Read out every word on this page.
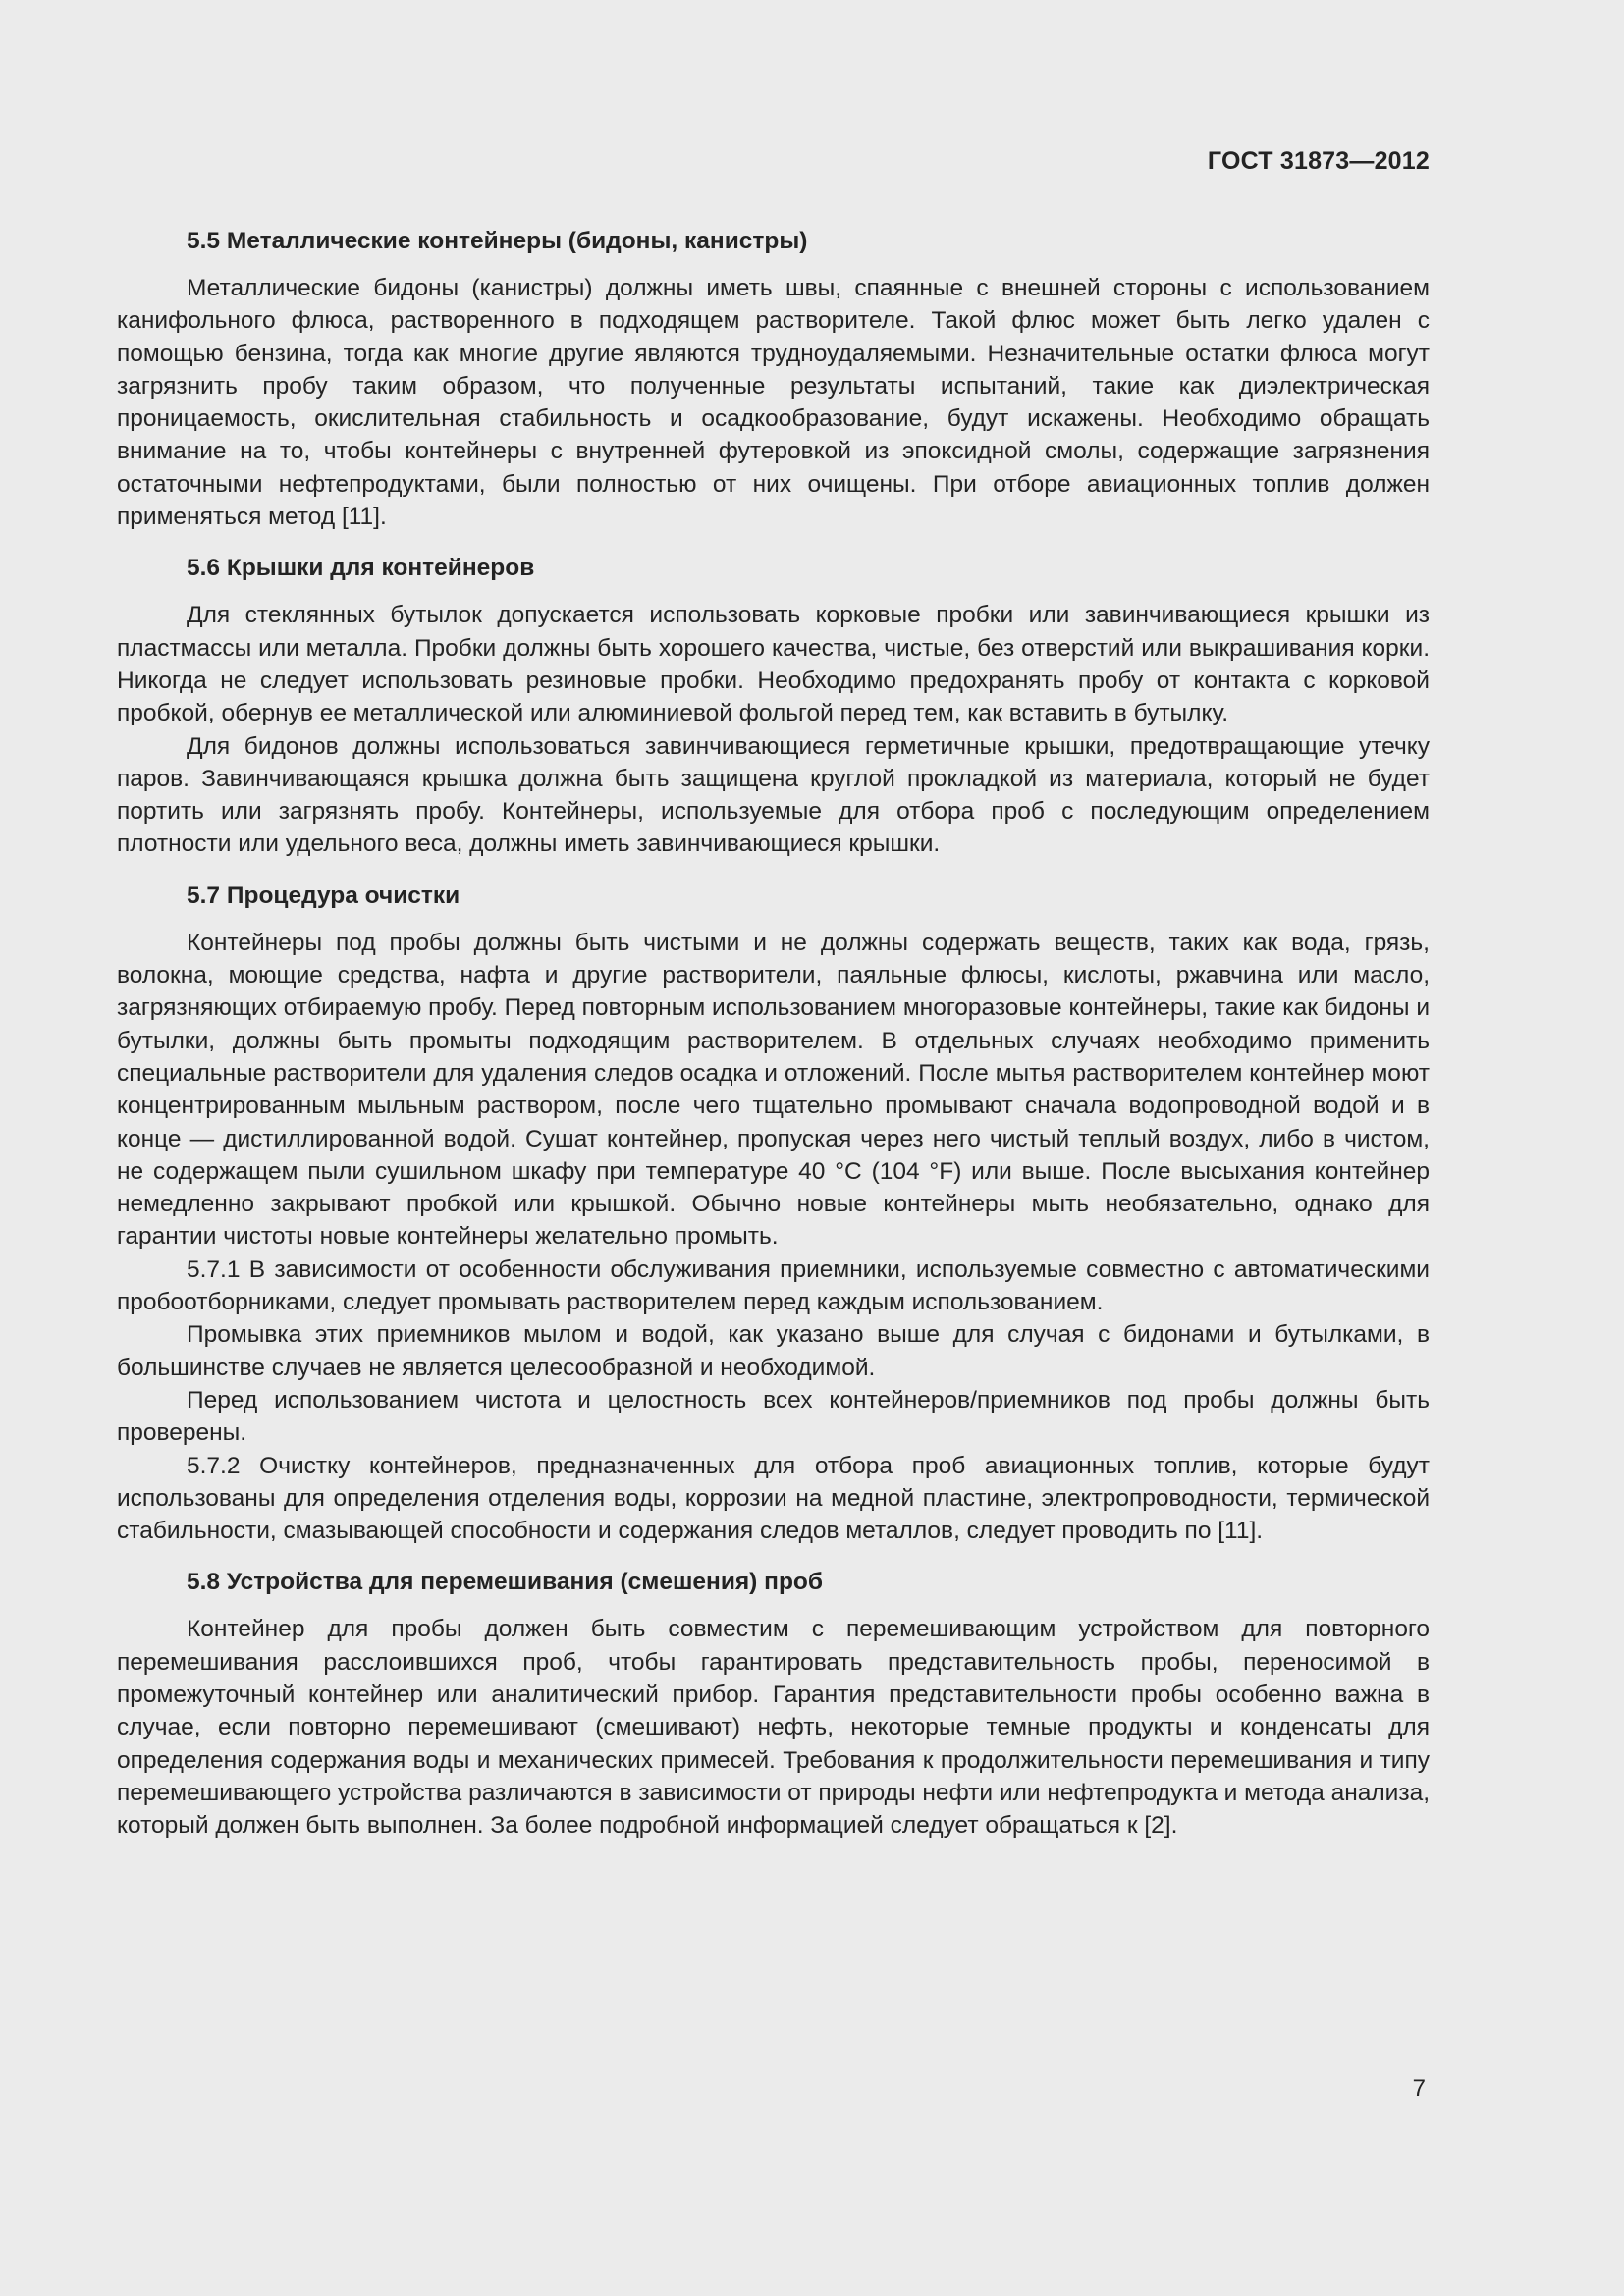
ГОСТ 31873—2012
5.5 Металлические контейнеры (бидоны, канистры)

Металлические бидоны (канистры) должны иметь швы, спаянные с внешней стороны с использованием канифольного флюса, растворенного в подходящем растворителе. Такой флюс может быть легко удален с помощью бензина, тогда как многие другие являются трудноудаляемыми. Незначительные остатки флюса могут загрязнить пробу таким образом, что полученные результаты испытаний, такие как диэлектрическая проницаемость, окислительная стабильность и осадкообразование, будут искажены. Необходимо обращать внимание на то, чтобы контейнеры с внутренней футеровкой из эпоксидной смолы, содержащие загрязнения остаточными нефтепродуктами, были полностью от них очищены. При отборе авиационных топлив должен применяться метод [11].

5.6 Крышки для контейнеров

Для стеклянных бутылок допускается использовать корковые пробки или завинчивающиеся крышки из пластмассы или металла. Пробки должны быть хорошего качества, чистые, без отверстий или выкрашивания корки. Никогда не следует использовать резиновые пробки. Необходимо предохранять пробу от контакта с корковой пробкой, обернув ее металлической или алюминиевой фольгой перед тем, как вставить в бутылку.

Для бидонов должны использоваться завинчивающиеся герметичные крышки, предотвращающие утечку паров. Завинчивающаяся крышка должна быть защищена круглой прокладкой из материала, который не будет портить или загрязнять пробу. Контейнеры, используемые для отбора проб с последующим определением плотности или удельного веса, должны иметь завинчивающиеся крышки.

5.7 Процедура очистки

Контейнеры под пробы должны быть чистыми и не должны содержать веществ, таких как вода, грязь, волокна, моющие средства, нафта и другие растворители, паяльные флюсы, кислоты, ржавчина или масло, загрязняющих отбираемую пробу. Перед повторным использованием многоразовые контейнеры, такие как бидоны и бутылки, должны быть промыты подходящим растворителем. В отдельных случаях необходимо применить специальные растворители для удаления следов осадка и отложений. После мытья растворителем контейнер моют концентрированным мыльным раствором, после чего тщательно промывают сначала водопроводной водой и в конце — дистиллированной водой. Сушат контейнер, пропуская через него чистый теплый воздух, либо в чистом, не содержащем пыли сушильном шкафу при температуре 40 °С (104 °F) или выше. После высыхания контейнер немедленно закрывают пробкой или крышкой. Обычно новые контейнеры мыть необязательно, однако для гарантии чистоты новые контейнеры желательно промыть.

5.7.1 В зависимости от особенности обслуживания приемники, используемые совместно с автоматическими пробоотборниками, следует промывать растворителем перед каждым использованием.

Промывка этих приемников мылом и водой, как указано выше для случая с бидонами и бутылками, в большинстве случаев не является целесообразной и необходимой.

Перед использованием чистота и целостность всех контейнеров/приемников под пробы должны быть проверены.

5.7.2 Очистку контейнеров, предназначенных для отбора проб авиационных топлив, которые будут использованы для определения отделения воды, коррозии на медной пластине, электропроводности, термической стабильности, смазывающей способности и содержания следов металлов, следует проводить по [11].

5.8 Устройства для перемешивания (смешения) проб

Контейнер для пробы должен быть совместим с перемешивающим устройством для повторного перемешивания расслоившихся проб, чтобы гарантировать представительность пробы, переносимой в промежуточный контейнер или аналитический прибор. Гарантия представительности пробы особенно важна в случае, если повторно перемешивают (смешивают) нефть, некоторые темные продукты и конденсаты для определения содержания воды и механических примесей. Требования к продолжительности перемешивания и типу перемешивающего устройства различаются в зависимости от природы нефти или нефтепродукта и метода анализа, который должен быть выполнен. За более подробной информацией следует обращаться к [2].

7
